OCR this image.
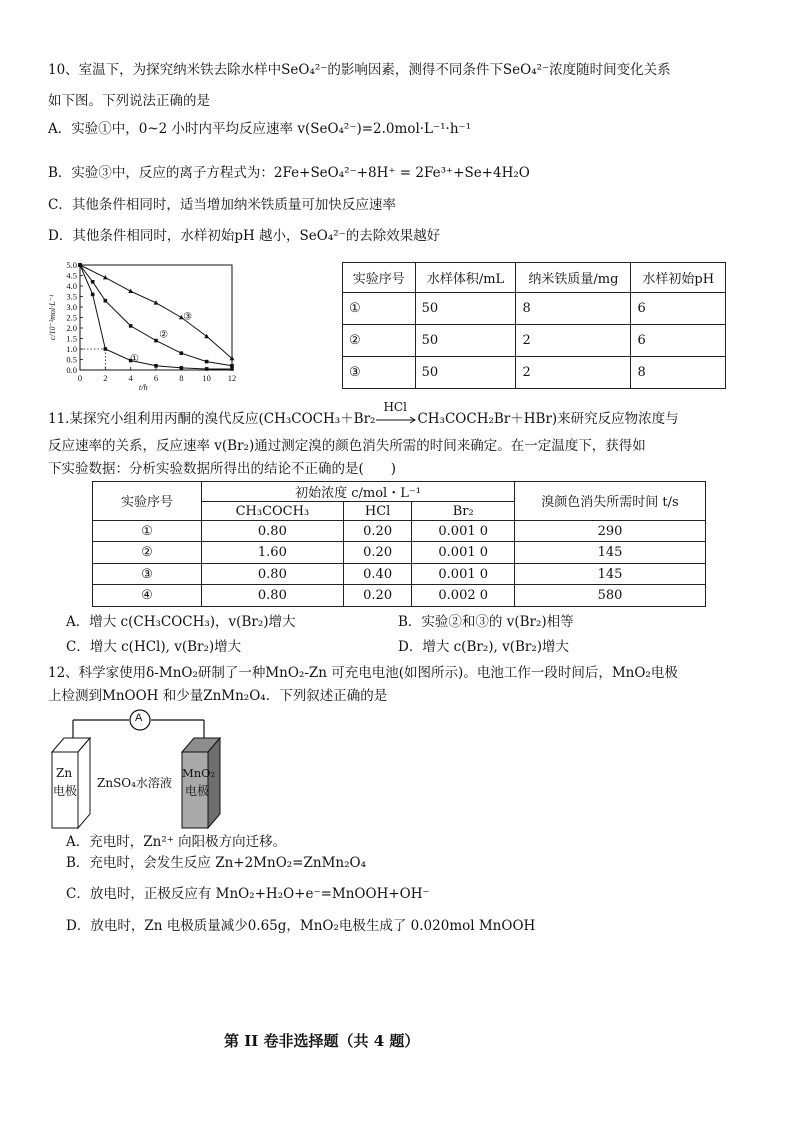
10、室温下，为探究纳米铁去除水样中SeO₄²⁻的影响因素，测得不同条件下SeO₄²⁻浓度随时间变化关系
如下图。下列说法正确的是
A．实验①中，0~2 小时内平均反应速率 v(SeO₄²⁻)=2.0mol·L⁻¹·h⁻¹
B．实验③中，反应的离子方程式为：2Fe+SeO₄²⁻+8H⁺ = 2Fe³⁺+Se+4H₂O
C．其他条件相同时，适当增加纳米铁质量可加快反应速率
D．其他条件相同时，水样初始pH 越小，SeO₄²⁻的去除效果越好
0.0
0.5
1.0
1.5
2.0
2.5
3.0
3.5
4.0
4.5
5.0
0 2 4 6 8 10 12
c/10⁻³mol·L⁻¹
t/h
①
②
③
实验序号	水样体积/mL	纳米铁质量/mg	水样初始pH
①	50	8	6
②	50	2	6
③	50	2	8
11.某探究小组利用丙酮的溴代反应(CH₃COCH₃＋Br₂
HCl
CH₃COCH₂Br＋HBr)来研究反应物浓度与
反应速率的关系，反应速率 v(Br₂)通过测定溴的颜色消失所需的时间来确定。在一定温度下，获得如
下实验数据：分析实验数据所得出的结论不正确的是(　　)
实验序号	初始浓度 c/mol・L⁻¹			溴颜色消失所需时间 t/s
	CH₃COCH₃	HCl	Br₂	
①	0.80	0.20	0.001 0	290
②	1.60	0.20	0.001 0	145
③	0.80	0.40	0.001 0	145
④	0.80	0.20	0.002 0	580
A．增大 c(CH₃COCH₃)，v(Br₂)增大	B．实验②和③的 v(Br₂)相等
C．增大 c(HCl), v(Br₂)增大	D．增大 c(Br₂), v(Br₂)增大
12、科学家使用δ-MnO₂研制了一种MnO₂-Zn 可充电电池(如图所示)。电池工作一段时间后，MnO₂电极
上检测到MnOOH 和少量ZnMn₂O₄．下列叙述正确的是
A
Zn
电极
ZnSO₄水溶液
MnO₂
电极
A．充电时，Zn²⁺ 向阳极方向迁移。
B．充电时，会发生反应 Zn+2MnO₂=ZnMn₂O₄
C．放电时，正极反应有 MnO₂+H₂O+e⁻=MnOOH+OH⁻
D．放电时，Zn 电极质量减少0.65g，MnO₂电极生成了 0.020mol MnOOH
第 II 卷非选择题（共 4 题）
